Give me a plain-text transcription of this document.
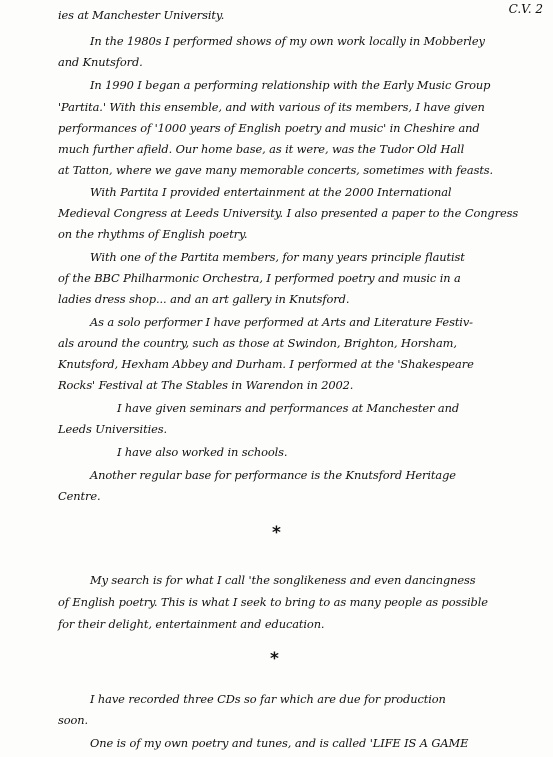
C.V. 2
ies at Manchester University.
In the 1980s I performed shows of my own work locally in Mobberley
and Knutsford.
In 1990 I began a performing relationship with the Early Music Group
'Partita.' With this ensemble, and with various of its members, I have given
performances of '1000 years of English poetry and music' in Cheshire and
much further afield. Our home base, as it were, was the Tudor Old Hall
at Tatton, where we gave many memorable concerts, sometimes with feasts.
With Partita I provided entertainment at the 2000 International
Medieval Congress at Leeds University. I also presented a paper to the Congress
on the rhythms of English poetry.
With one of the Partita members, for many years principle flautist
of the BBC Philharmonic Orchestra, I performed poetry and music in a
ladies dress shop... and an art gallery in Knutsford.
As a solo performer I have performed at Arts and Literature Festiv-
als around the country, such as those at Swindon, Brighton, Horsham,
Knutsford, Hexham Abbey and Durham. I performed at the 'Shakespeare
Rocks' Festival at The Stables in Warendon in 2002.
I have given seminars and performances at Manchester and
Leeds Universities.
I have also worked in schools.
Another regular base for performance is the Knutsford Heritage
Centre.
*
My search is for what I call 'the songlikeness and even dancingness
of English poetry. This is what I seek to bring to as many people as possible
for their delight, entertainment and education.
*
I have recorded three CDs so far which are due for production
soon.
One is of my own poetry and tunes, and is called 'LIFE IS A GAME
